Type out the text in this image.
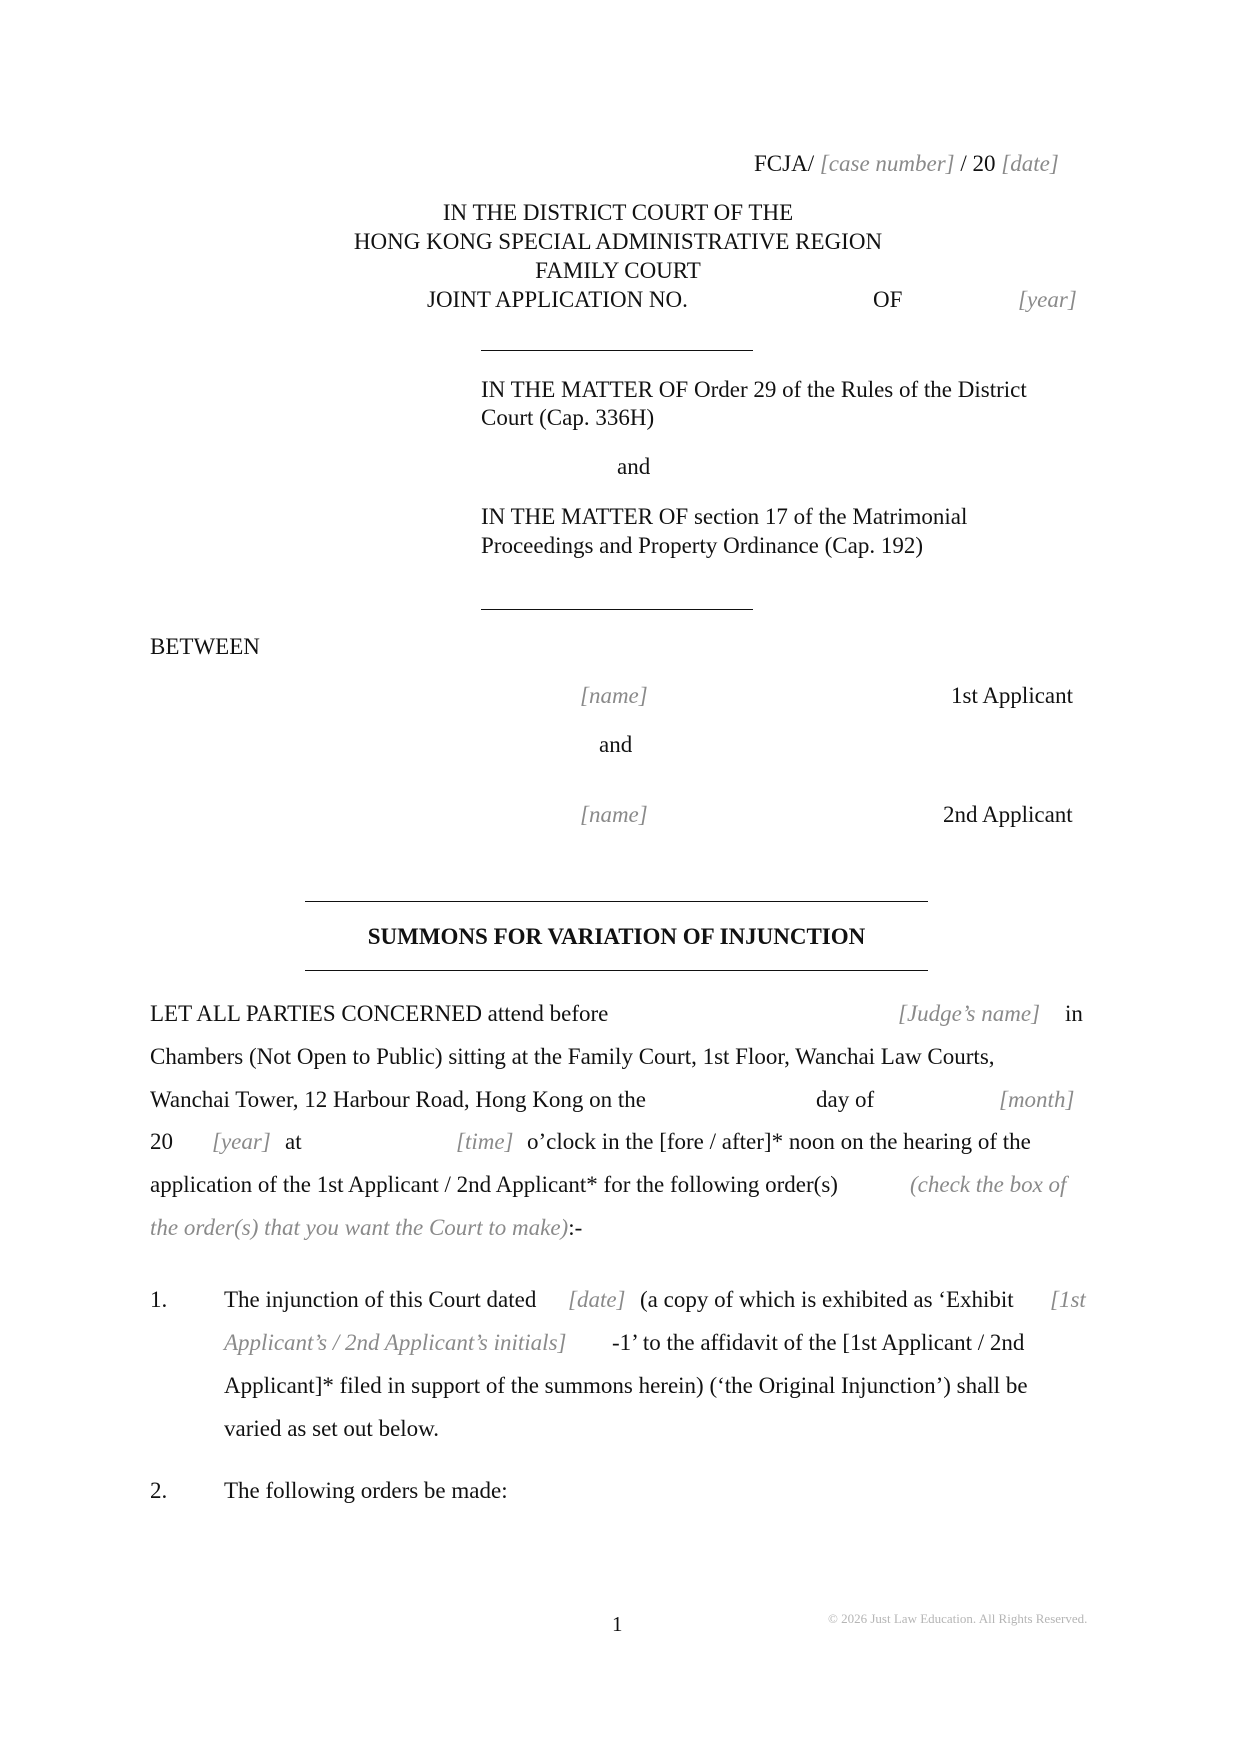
FCJA/ [case number] / 20 [date]
IN THE DISTRICT COURT OF THE
HONG KONG SPECIAL ADMINISTRATIVE REGION
FAMILY COURT
JOINT APPLICATION NO.	OF	[year]
IN THE MATTER OF Order 29 of the Rules of the District
Court (Cap. 336H)
and
IN THE MATTER OF section 17 of the Matrimonial
Proceedings and Property Ordinance (Cap. 192)
BETWEEN
[name]	1st Applicant
and
[name]	2nd Applicant
SUMMONS FOR VARIATION OF INJUNCTION
LET ALL PARTIES CONCERNED attend before	[Judge’s name] in
Chambers (Not Open to Public) sitting at the Family Court, 1st Floor, Wanchai Law Courts,
Wanchai Tower, 12 Harbour Road, Hong Kong on the	day of	[month]
20 [year] at	[time] o’clock in the [fore / after]* noon on the hearing of the
application of the 1st Applicant / 2nd Applicant* for the following order(s)	(check the box of
the order(s) that you want the Court to make):-
1. The injunction of this Court dated [date] (a copy of which is exhibited as ‘Exhibit [1st
Applicant’s / 2nd Applicant’s initials] -1’ to the affidavit of the [1st Applicant / 2nd
Applicant]* filed in support of the summons herein) (‘the Original Injunction’) shall be
varied as set out below.
2. The following orders be made:
1	© 2026 Just Law Education. All Rights Reserved.
